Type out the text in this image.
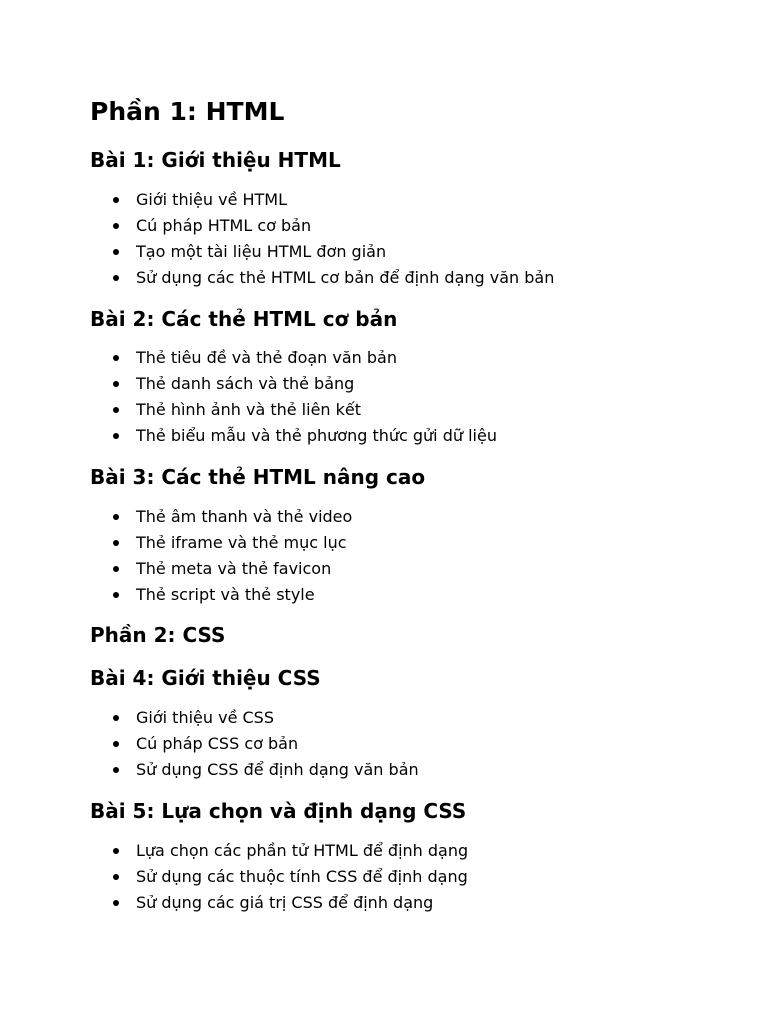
Phần 1: HTML
Bài 1: Giới thiệu HTML
Giới thiệu về HTML
Cú pháp HTML cơ bản
Tạo một tài liệu HTML đơn giản
Sử dụng các thẻ HTML cơ bản để định dạng văn bản
Bài 2: Các thẻ HTML cơ bản
Thẻ tiêu đề và thẻ đoạn văn bản
Thẻ danh sách và thẻ bảng
Thẻ hình ảnh và thẻ liên kết
Thẻ biểu mẫu và thẻ phương thức gửi dữ liệu
Bài 3: Các thẻ HTML nâng cao
Thẻ âm thanh và thẻ video
Thẻ iframe và thẻ mục lục
Thẻ meta và thẻ favicon
Thẻ script và thẻ style
Phần 2: CSS
Bài 4: Giới thiệu CSS
Giới thiệu về CSS
Cú pháp CSS cơ bản
Sử dụng CSS để định dạng văn bản
Bài 5: Lựa chọn và định dạng CSS
Lựa chọn các phần tử HTML để định dạng
Sử dụng các thuộc tính CSS để định dạng
Sử dụng các giá trị CSS để định dạng
